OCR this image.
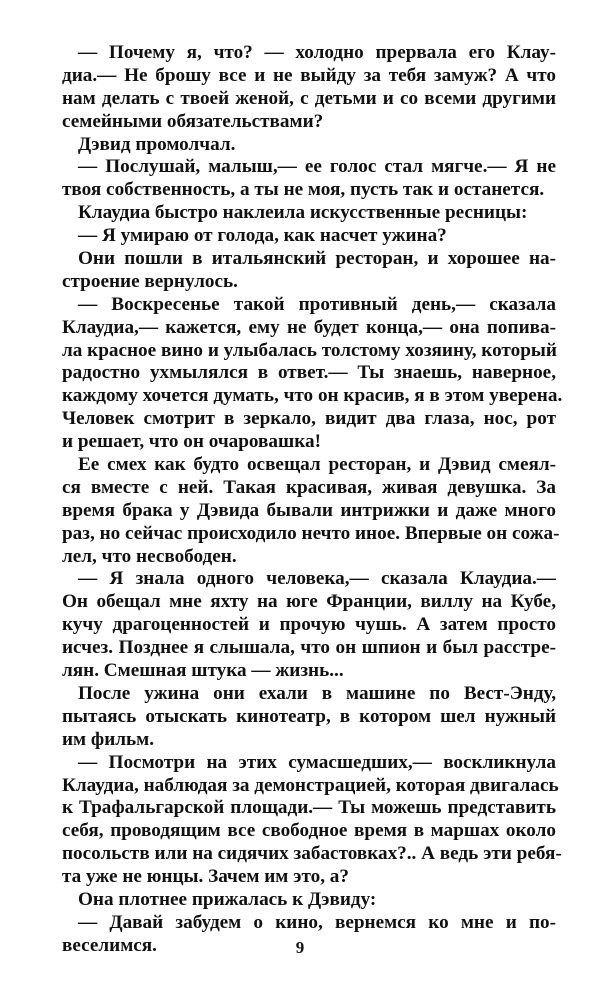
— Почему я, что? — холодно прервала его Клау-
диа.— Не брошу все и не выйду за тебя замуж? А что
нам делать с твоей женой, с детьми и со всеми другими
семейными обязательствами?
Дэвид промолчал.
— Послушай, малыш,— ее голос стал мягче.— Я не
твоя собственность, а ты не моя, пусть так и останется.
Клаудиа быстро наклеила искусственные ресницы:
— Я умираю от голода, как насчет ужина?
Они пошли в итальянский ресторан, и хорошее на-
строение вернулось.
— Воскресенье такой противный день,— сказала
Клаудиа,— кажется, ему не будет конца,— она попива-
ла красное вино и улыбалась толстому хозяину, который
радостно ухмылялся в ответ.— Ты знаешь, наверное,
каждому хочется думать, что он красив, я в этом уверена.
Человек смотрит в зеркало, видит два глаза, нос, рот
и решает, что он очаровашка!
Ее смех как будто освещал ресторан, и Дэвид смеял-
ся вместе с ней. Такая красивая, живая девушка. За
время брака у Дэвида бывали интрижки и даже много
раз, но сейчас происходило нечто иное. Впервые он сожа-
лел, что несвободен.
— Я знала одного человека,— сказала Клаудиа.—
Он обещал мне яхту на юге Франции, виллу на Кубе,
кучу драгоценностей и прочую чушь. А затем просто
исчез. Позднее я слышала, что он шпион и был расстре-
лян. Смешная штука — жизнь...
После ужина они ехали в машине по Вест-Энду,
пытаясь отыскать кинотеатр, в котором шел нужный
им фильм.
— Посмотри на этих сумасшедших,— воскликнула
Клаудиа, наблюдая за демонстрацией, которая двигалась
к Трафальгарской площади.— Ты можешь представить
себя, проводящим все свободное время в маршах около
посольств или на сидячих забастовках?.. А ведь эти ребя-
та уже не юнцы. Зачем им это, а?
Она плотнее прижалась к Дэвиду:
— Давай забудем о кино, вернемся ко мне и по-
веселимся.	9
